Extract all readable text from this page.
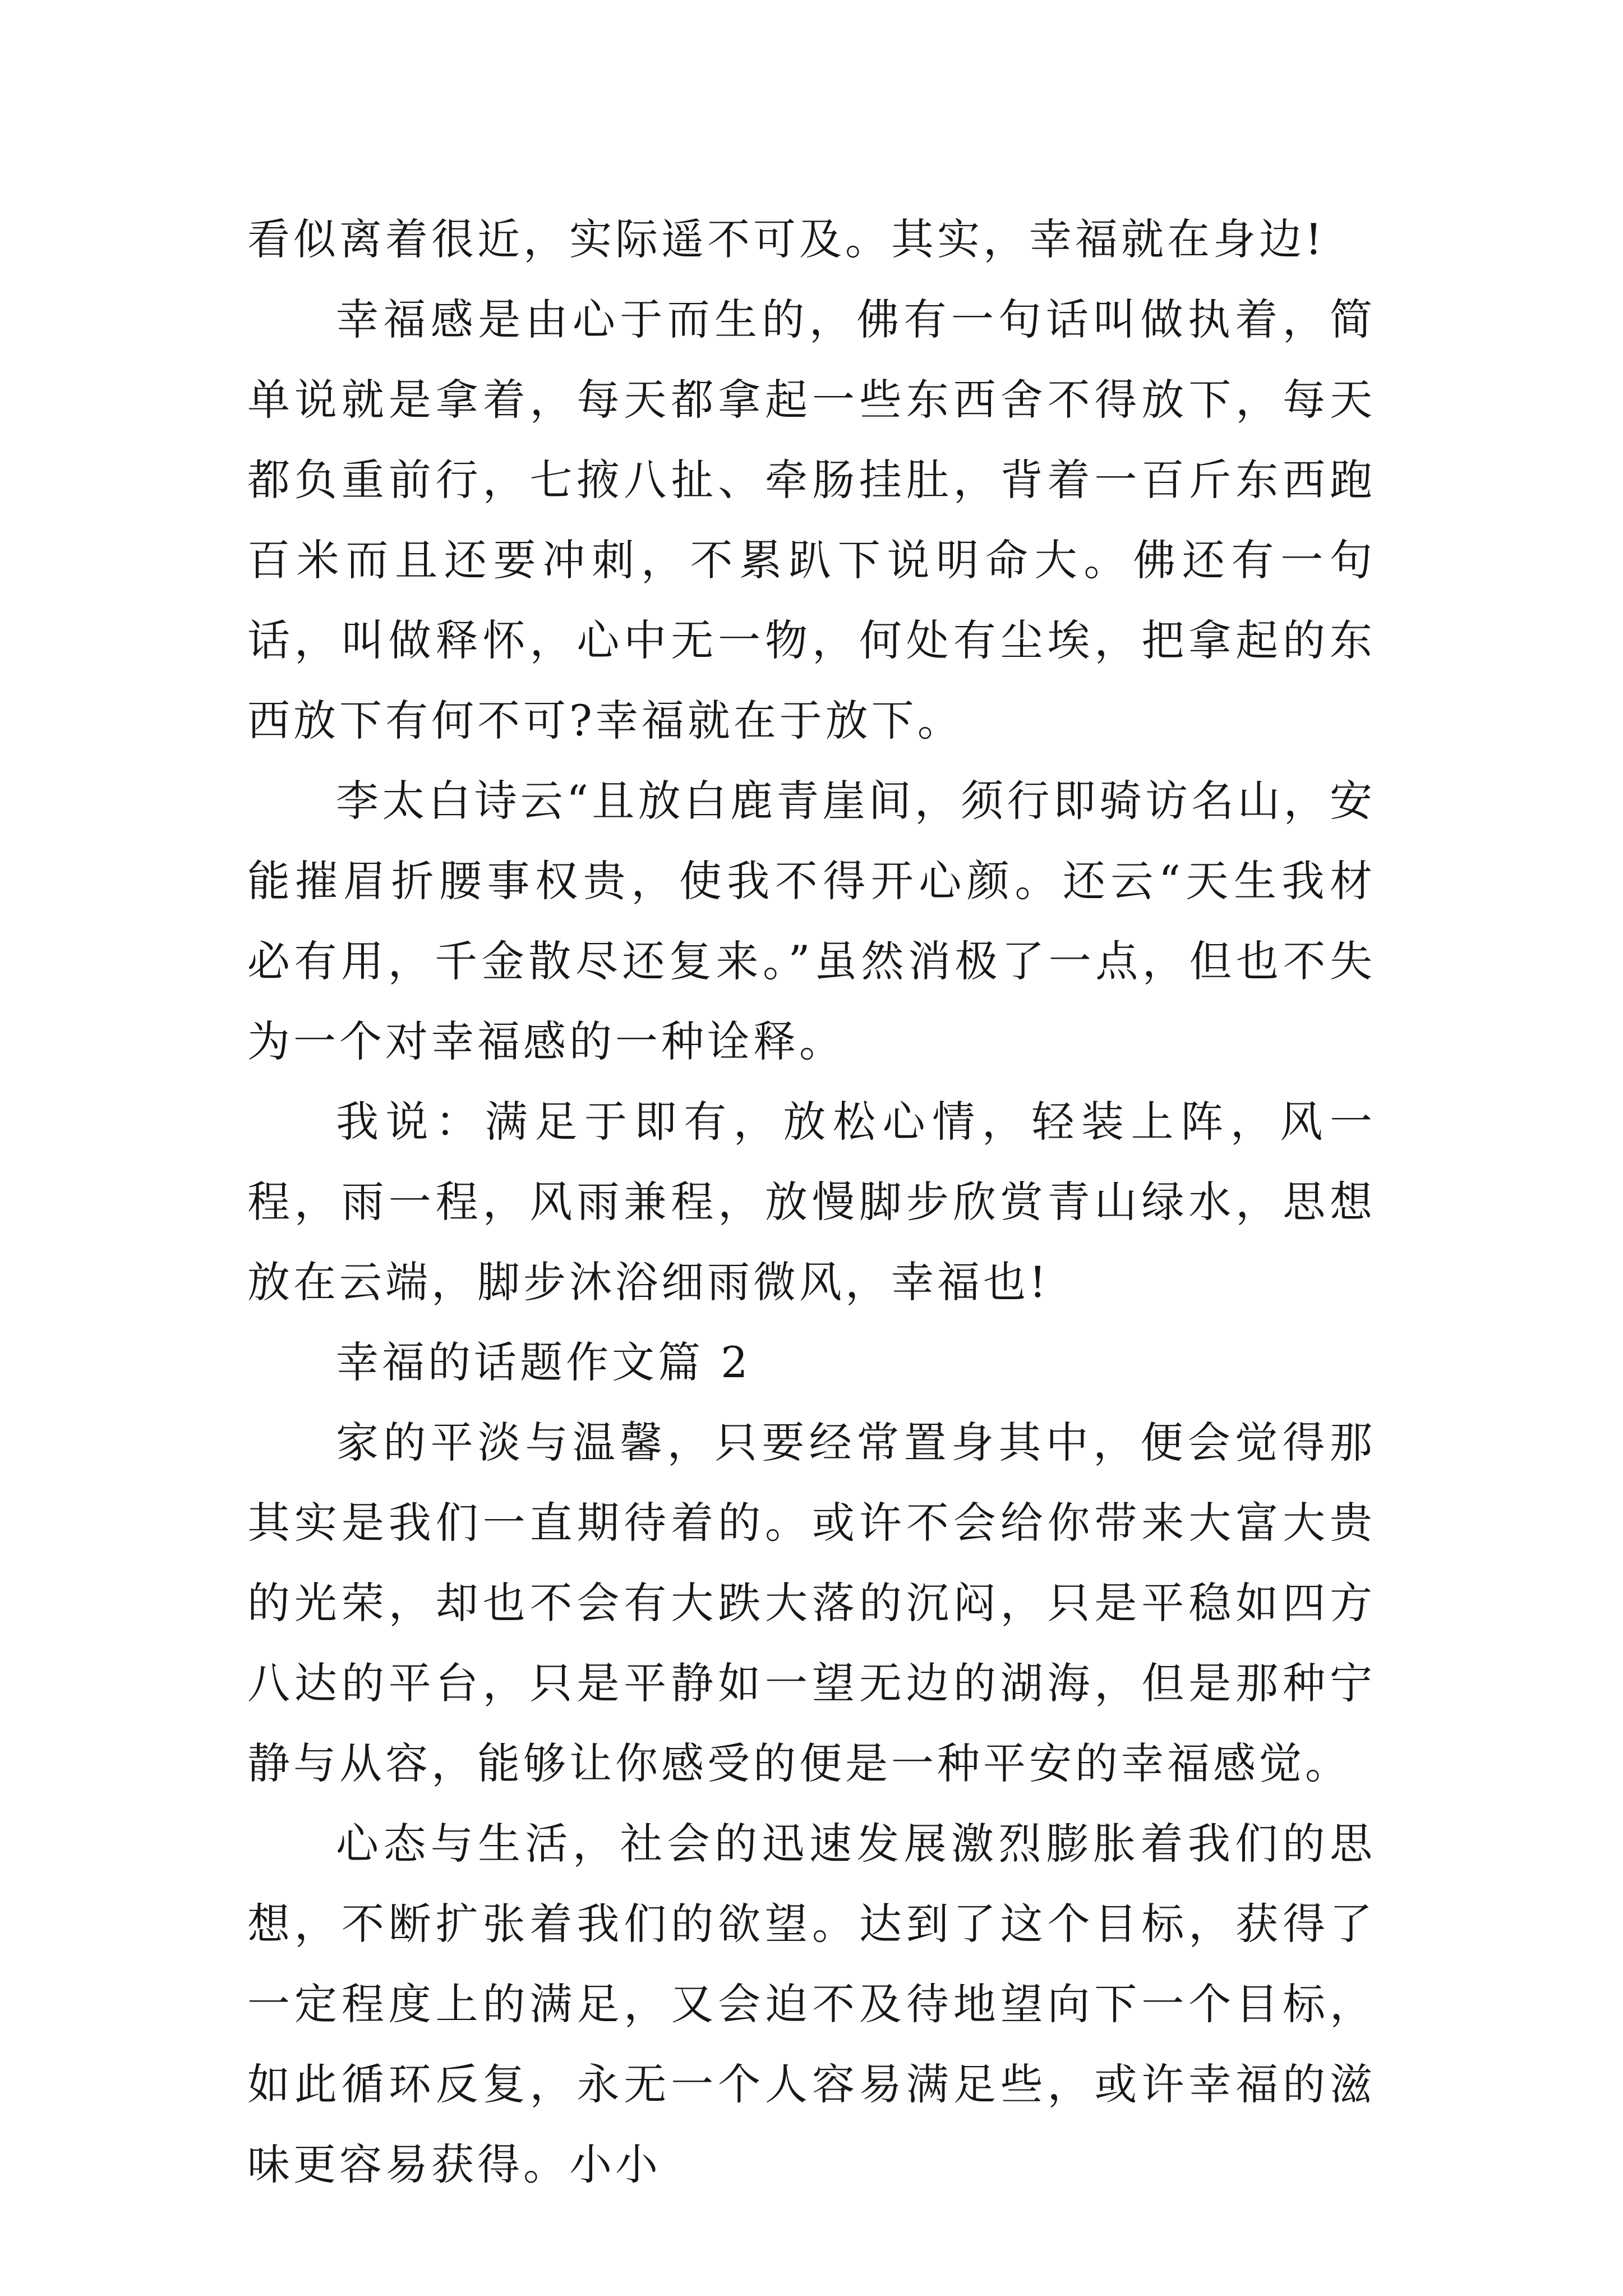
看似离着很近，实际遥不可及。其实，幸福就在身边!

幸福感是由心于而生的，佛有一句话叫做执着，简单说就是拿着，每天都拿起一些东西舍不得放下，每天都负重前行，七掖八扯、牵肠挂肚，背着一百斤东西跑百米而且还要冲刺，不累趴下说明命大。佛还有一句话，叫做释怀，心中无一物，何处有尘埃，把拿起的东西放下有何不可?幸福就在于放下。

李太白诗云“且放白鹿青崖间，须行即骑访名山，安能摧眉折腰事权贵，使我不得开心颜。还云“天生我材必有用，千金散尽还复来。”虽然消极了一点，但也不失为一个对幸福感的一种诠释。

我说：满足于即有，放松心情，轻装上阵，风一程，雨一程，风雨兼程，放慢脚步欣赏青山绿水，思想放在云端，脚步沐浴细雨微风，幸福也!

幸福的话题作文篇 2

家的平淡与温馨，只要经常置身其中，便会觉得那其实是我们一直期待着的。或许不会给你带来大富大贵的光荣，却也不会有大跌大落的沉闷，只是平稳如四方八达的平台，只是平静如一望无边的湖海，但是那种宁静与从容，能够让你感受的便是一种平安的幸福感觉。

心态与生活，社会的迅速发展激烈膨胀着我们的思想，不断扩张着我们的欲望。达到了这个目标，获得了一定程度上的满足，又会迫不及待地望向下一个目标，如此循环反复，永无一个人容易满足些，或许幸福的滋味更容易获得。小小
